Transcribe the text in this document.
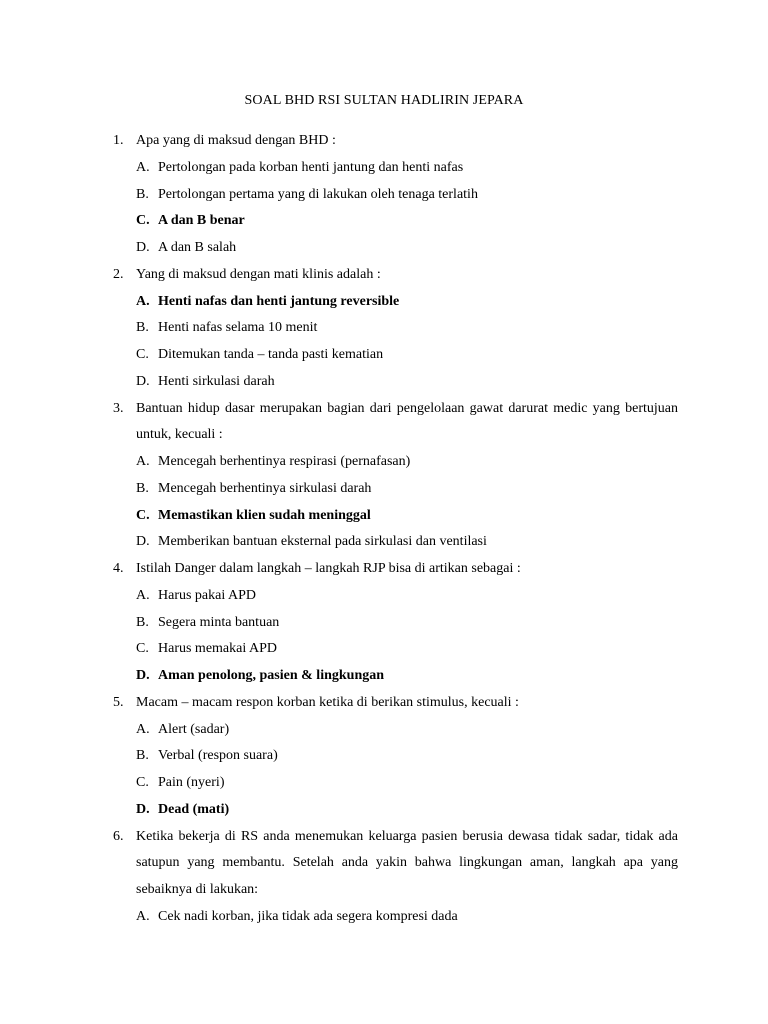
SOAL BHD RSI SULTAN HADLIRIN JEPARA
1. Apa yang di maksud dengan BHD :
A. Pertolongan pada korban henti jantung dan henti nafas
B. Pertolongan pertama yang di lakukan oleh tenaga terlatih
C. A dan B benar
D. A dan B salah
2. Yang di maksud dengan mati klinis adalah :
A. Henti nafas dan henti jantung reversible
B. Henti nafas selama 10 menit
C. Ditemukan tanda – tanda pasti kematian
D. Henti sirkulasi darah
3. Bantuan hidup dasar merupakan bagian dari pengelolaan gawat darurat medic yang bertujuan untuk, kecuali :
A. Mencegah berhentinya respirasi (pernafasan)
B. Mencegah berhentinya sirkulasi darah
C. Memastikan klien sudah meninggal
D. Memberikan bantuan eksternal pada sirkulasi dan ventilasi
4. Istilah Danger dalam langkah – langkah RJP bisa di artikan sebagai :
A. Harus pakai APD
B. Segera minta bantuan
C. Harus memakai APD
D. Aman penolong, pasien & lingkungan
5. Macam – macam respon korban ketika di berikan stimulus, kecuali :
A. Alert (sadar)
B. Verbal (respon suara)
C. Pain (nyeri)
D. Dead (mati)
6. Ketika bekerja di RS anda menemukan keluarga pasien berusia dewasa tidak sadar, tidak ada satupun yang membantu. Setelah anda yakin bahwa lingkungan aman, langkah apa yang sebaiknya di lakukan:
A. Cek nadi korban, jika tidak ada segera kompresi dada
